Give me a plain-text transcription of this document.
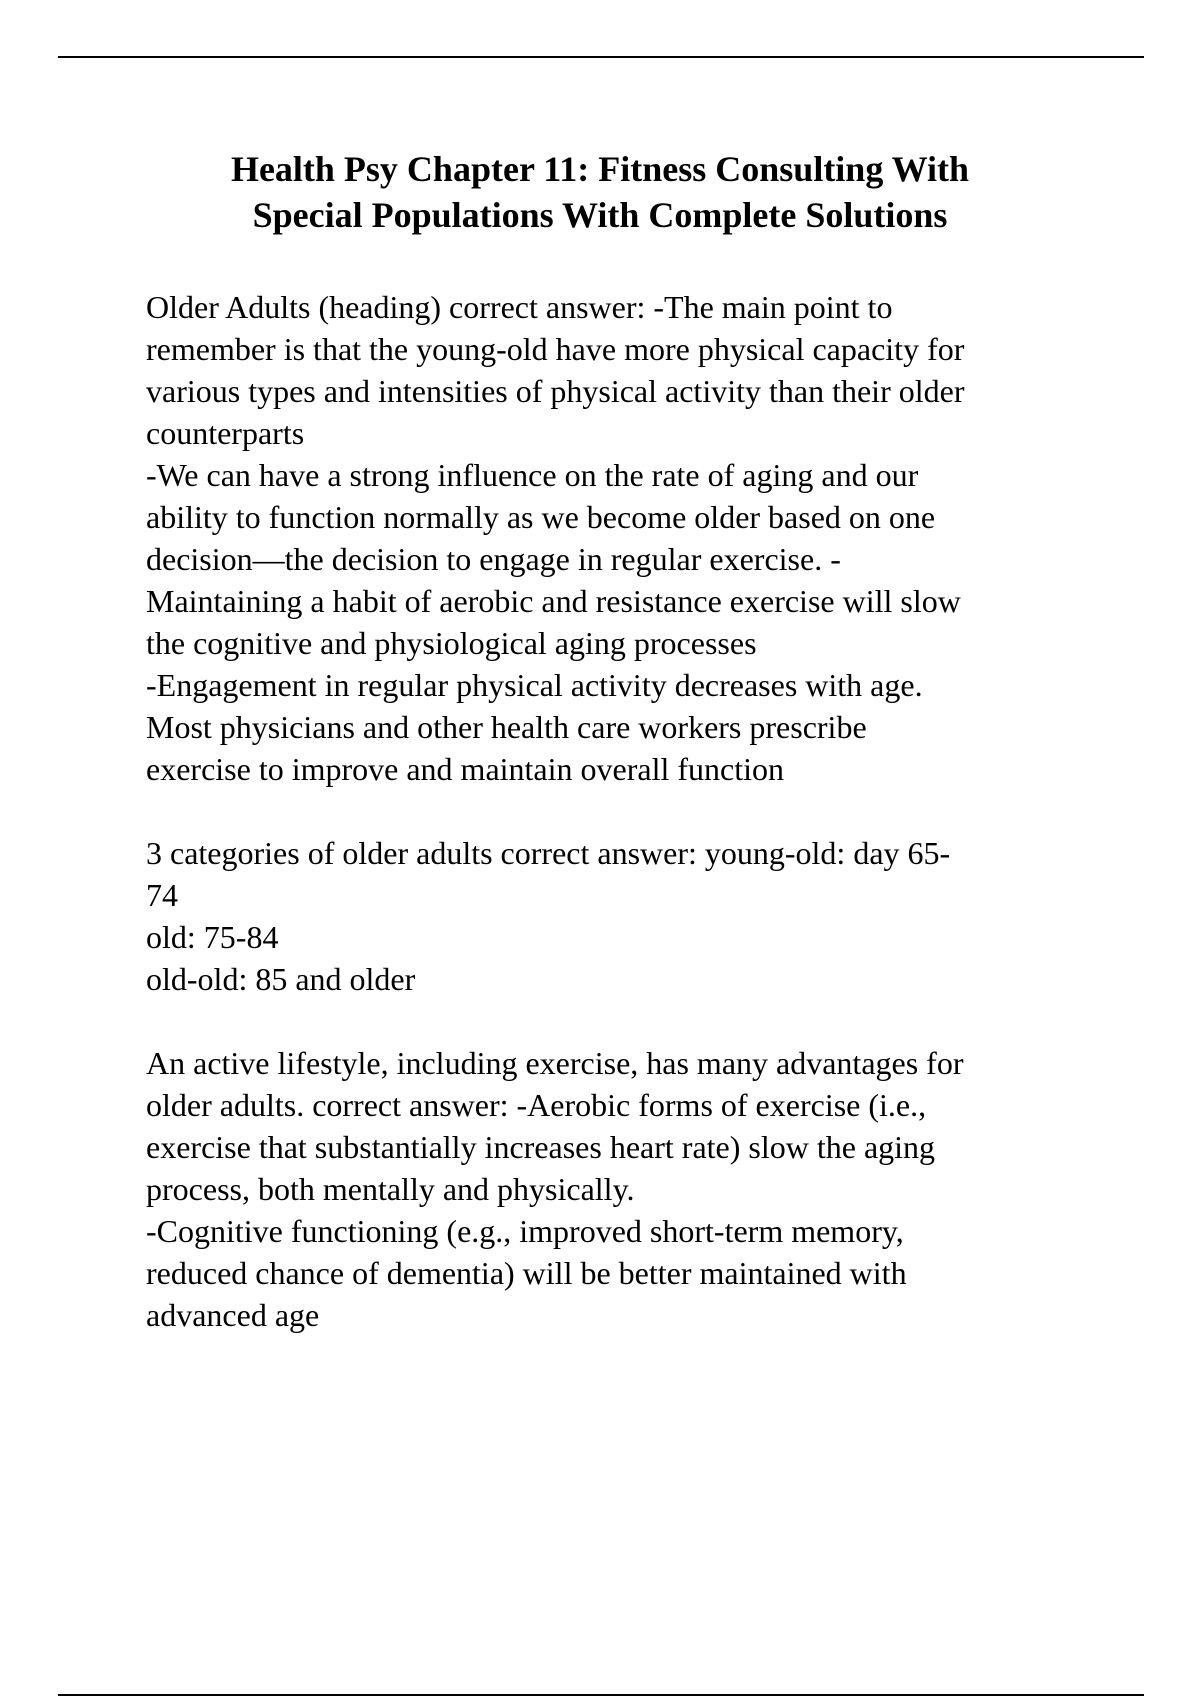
Health Psy Chapter 11: Fitness Consulting With
Special Populations With Complete Solutions
Older Adults (heading) correct answer: -The main point to
remember is that the young-old have more physical capacity for
various types and intensities of physical activity than their older
counterparts
-We can have a strong influence on the rate of aging and our
ability to function normally as we become older based on one
decision—the decision to engage in regular exercise. -
Maintaining a habit of aerobic and resistance exercise will slow
the cognitive and physiological aging processes
-Engagement in regular physical activity decreases with age.
Most physicians and other health care workers prescribe
exercise to improve and maintain overall function
3 categories of older adults correct answer: young-old: day 65-
74
old: 75-84
old-old: 85 and older
An active lifestyle, including exercise, has many advantages for
older adults. correct answer: -Aerobic forms of exercise (i.e.,
exercise that substantially increases heart rate) slow the aging
process, both mentally and physically.
-Cognitive functioning (e.g., improved short-term memory,
reduced chance of dementia) will be better maintained with
advanced age
